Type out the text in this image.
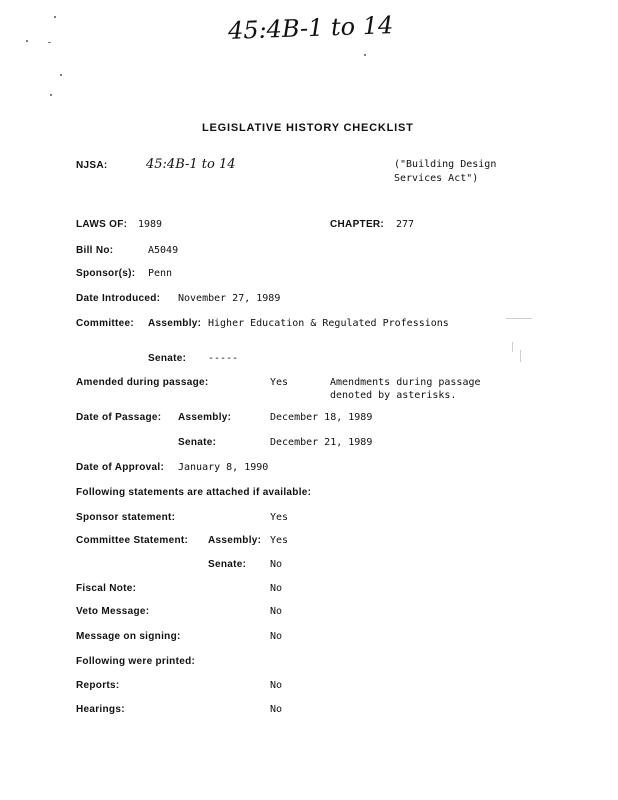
45:4B-1 to 14
LEGISLATIVE HISTORY CHECKLIST
NJSA:	45:4B-1 to 14	("Building Design
Services Act")
LAWS OF: 1989	CHAPTER: 277
Bill No:	A5049
Sponsor(s): Penn
Date Introduced: November 27, 1989
Committee: Assembly: Higher Education & Regulated Professions
Senate: -----
Amended during passage:	Yes	Amendments during passage
denoted by asterisks.
Date of Passage: Assembly:	December 18, 1989
Senate:	December 21, 1989
Date of Approval: January 8, 1990
Following statements are attached if available:
Sponsor statement:	Yes
Committee Statement: Assembly: Yes
Senate: No
Fiscal Note:	No
Veto Message:	No
Message on signing:	No
Following were printed:
Reports:	No
Hearings:	No
